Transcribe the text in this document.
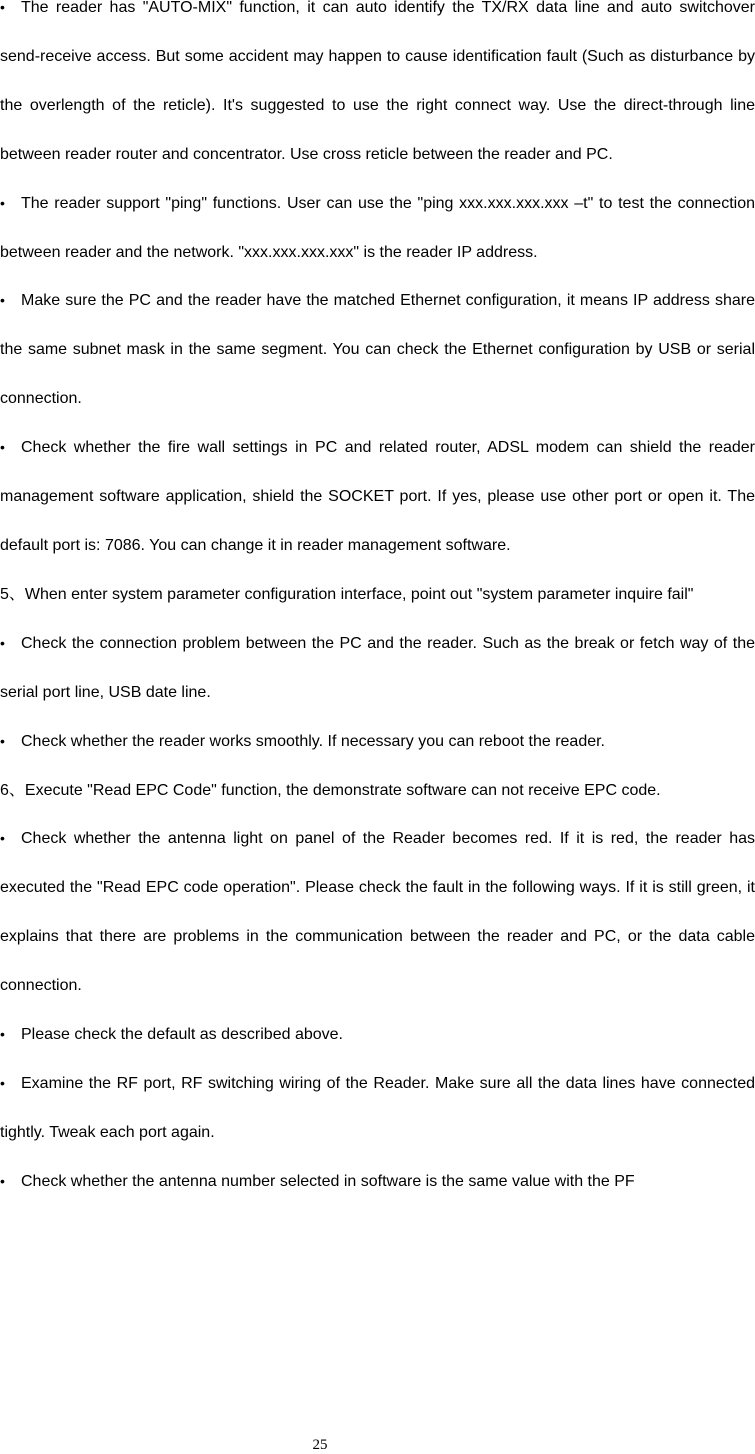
• The reader has "AUTO-MIX" function, it can auto identify the TX/RX data line and auto switchover send-receive access. But some accident may happen to cause identification fault (Such as disturbance by the overlength of the reticle). It's suggested to use the right connect way. Use the direct-through line between reader router and concentrator. Use cross reticle between the reader and PC.

• The reader support "ping" functions. User can use the "ping xxx.xxx.xxx.xxx –t" to test the connection between reader and the network. "xxx.xxx.xxx.xxx" is the reader IP address.

• Make sure the PC and the reader have the matched Ethernet configuration, it means IP address share the same subnet mask in the same segment. You can check the Ethernet configuration by USB or serial connection.

• Check whether the fire wall settings in PC and related router, ADSL modem can shield the reader management software application, shield the SOCKET port. If yes, please use other port or open it. The default port is: 7086. You can change it in reader management software.

5、When enter system parameter configuration interface, point out "system parameter inquire fail"

• Check the connection problem between the PC and the reader. Such as the break or fetch way of the serial port line, USB date line.

• Check whether the reader works smoothly. If necessary you can reboot the reader.

6、Execute "Read EPC Code" function, the demonstrate software can not receive EPC code.

• Check whether the antenna light on panel of the Reader becomes red. If it is red, the reader has executed the "Read EPC code operation". Please check the fault in the following ways. If it is still green, it explains that there are problems in the communication between the reader and PC, or the data cable connection.

• Please check the default as described above.

• Examine the RF port, RF switching wiring of the Reader. Make sure all the data lines have connected tightly. Tweak each port again.

• Check whether the antenna number selected in software is the same value with the PF

25
